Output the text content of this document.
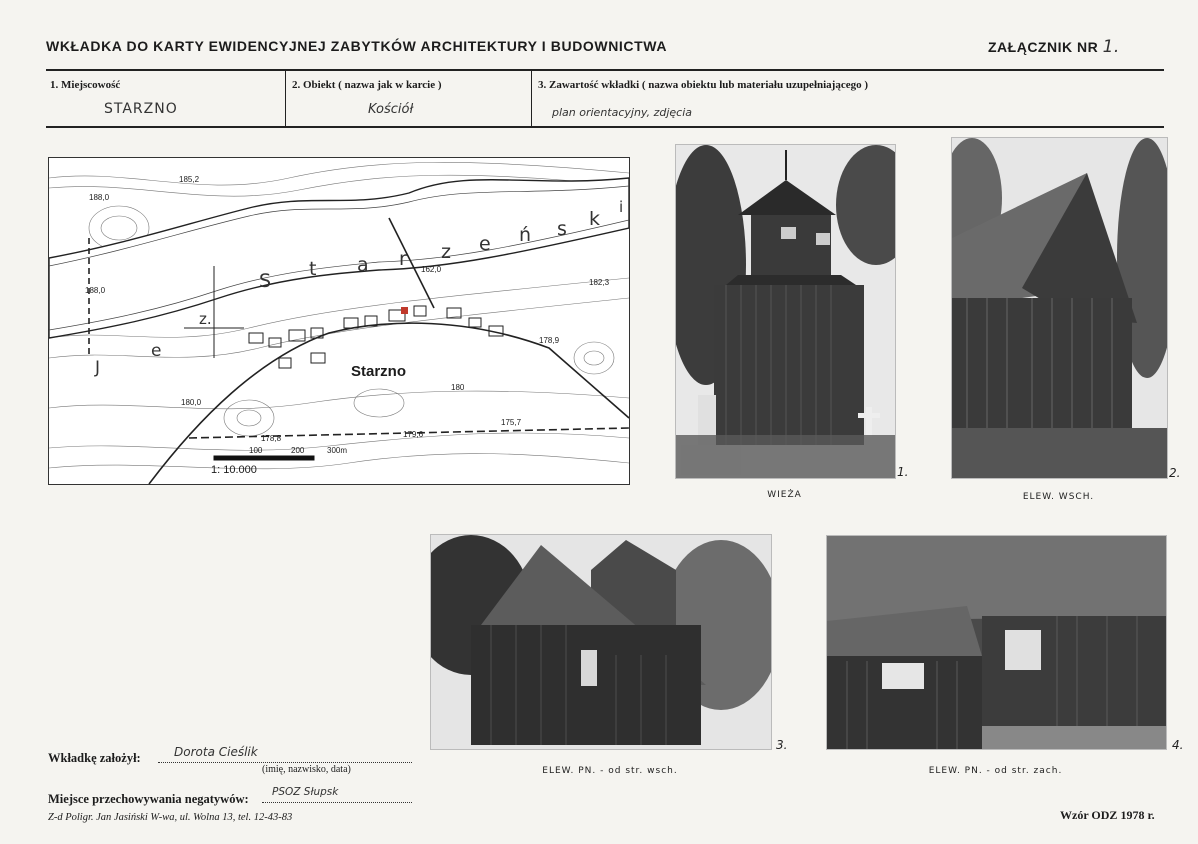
WKŁADKA DO KARTY EWIDENCYJNEJ ZABYTKÓW ARCHITEKTURY I BUDOWNICTWA	ZAŁĄCZNIK NR 1.
1. Miejscowość
STARZNO
2. Obiekt ( nazwa jak w karcie )
Kościół
3. Zawartość wkładki ( nazwa obiektu lub materiału uzupełniającego )
plan orientacyjny, zdjęcia
J
e
z.
S
t a r z e ń s k
i
Starzno
185,2
188,0
162,0
182,3
188,0
178,9
180,0
180
178,8	179,6
175,7
100	200	300m
1: 10.000	1.
WIEŻA
2.
ELEW. WSCH.
3.
ELEW. PN. - od str. wsch.
4.
ELEW. PN. - od str. zach.
Wkładkę założył:	Dorota Cieślik
(imię, nazwisko, data)
Miejsce przechowywania negatywów: PSOZ Słupsk
Z-d Poligr. Jan Jasiński W-wa, ul. Wolna 13, tel. 12-43-83	Wzór ODZ 1978 r.
